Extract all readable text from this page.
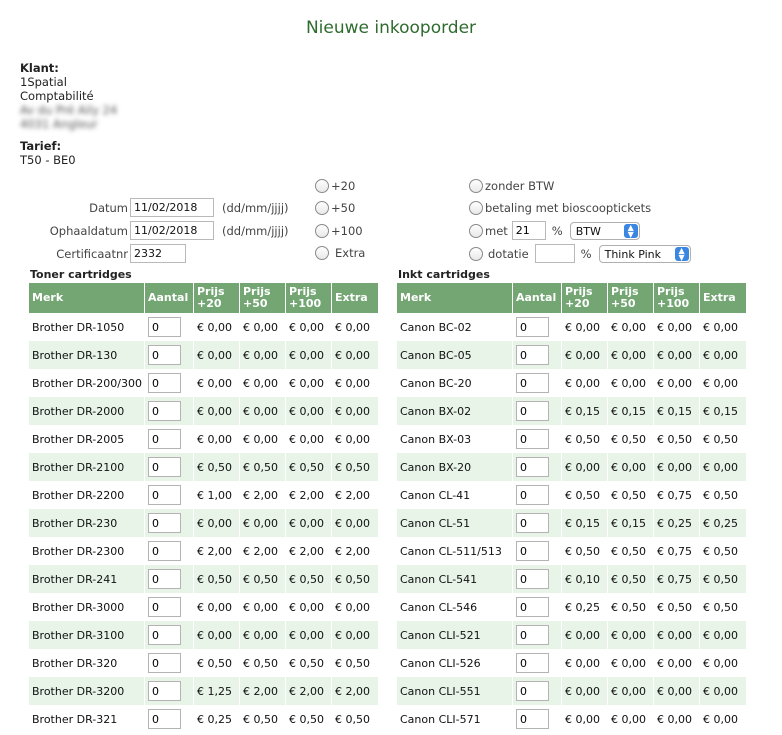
Nieuwe inkooporder
Klant:
1Spatial
Comptabilité
Av du Pré Aily 24
4031 Angleur
Tarief:
T50 - BE0
Datum
11/02/2018	(dd/mm/jjjj)
Ophaaldatum
11/02/2018	(dd/mm/jjjj)
Certificaatnr
2332
+20
+50
+100
Extra
zonder BTW
betaling met bioscooptickets
met
21	% BTW	▲
▼
dotatie	% Think Pink	▲
▼
Toner cartridges	Inkt cartridges
Merk	Aantal	Prijs +20	Prijs +50	Prijs +100	Extra
Brother DR-1050	0	€ 0,00	€ 0,00	€ 0,00	€ 0,00
Brother DR-130	0	€ 0,00	€ 0,00	€ 0,00	€ 0,00
Brother DR-200/300	0	€ 0,00	€ 0,00	€ 0,00	€ 0,00
Brother DR-2000	0	€ 0,00	€ 0,00	€ 0,00	€ 0,00
Brother DR-2005	0	€ 0,00	€ 0,00	€ 0,00	€ 0,00
Brother DR-2100	0	€ 0,50	€ 0,50	€ 0,50	€ 0,50
Brother DR-2200	0	€ 1,00	€ 2,00	€ 2,00	€ 2,00
Brother DR-230	0	€ 0,00	€ 0,00	€ 0,00	€ 0,00
Brother DR-2300	0	€ 2,00	€ 2,00	€ 2,00	€ 2,00
Brother DR-241	0	€ 0,50	€ 0,50	€ 0,50	€ 0,50
Brother DR-3000	0	€ 0,00	€ 0,00	€ 0,00	€ 0,00
Brother DR-3100	0	€ 0,00	€ 0,00	€ 0,00	€ 0,00
Brother DR-320	0	€ 0,50	€ 0,50	€ 0,50	€ 0,50
Brother DR-3200	0	€ 1,25	€ 2,00	€ 2,00	€ 2,00
Brother DR-321	0	€ 0,25	€ 0,50	€ 0,50	€ 0,50
Merk	Aantal	Prijs +20	Prijs +50	Prijs +100	Extra
Canon BC-02	0	€ 0,00	€ 0,00	€ 0,00	€ 0,00
Canon BC-05	0	€ 0,00	€ 0,00	€ 0,00	€ 0,00
Canon BC-20	0	€ 0,00	€ 0,00	€ 0,00	€ 0,00
Canon BX-02	0	€ 0,15	€ 0,15	€ 0,15	€ 0,15
Canon BX-03	0	€ 0,50	€ 0,50	€ 0,50	€ 0,50
Canon BX-20	0	€ 0,00	€ 0,00	€ 0,00	€ 0,00
Canon CL-41	0	€ 0,50	€ 0,50	€ 0,75	€ 0,50
Canon CL-51	0	€ 0,15	€ 0,15	€ 0,25	€ 0,25
Canon CL-511/513	0	€ 0,50	€ 0,50	€ 0,75	€ 0,50
Canon CL-541	0	€ 0,10	€ 0,50	€ 0,75	€ 0,50
Canon CL-546	0	€ 0,25	€ 0,50	€ 0,50	€ 0,50
Canon CLI-521	0	€ 0,00	€ 0,00	€ 0,00	€ 0,00
Canon CLI-526	0	€ 0,00	€ 0,00	€ 0,00	€ 0,00
Canon CLI-551	0	€ 0,00	€ 0,00	€ 0,00	€ 0,00
Canon CLI-571	0	€ 0,00	€ 0,00	€ 0,00	€ 0,00
